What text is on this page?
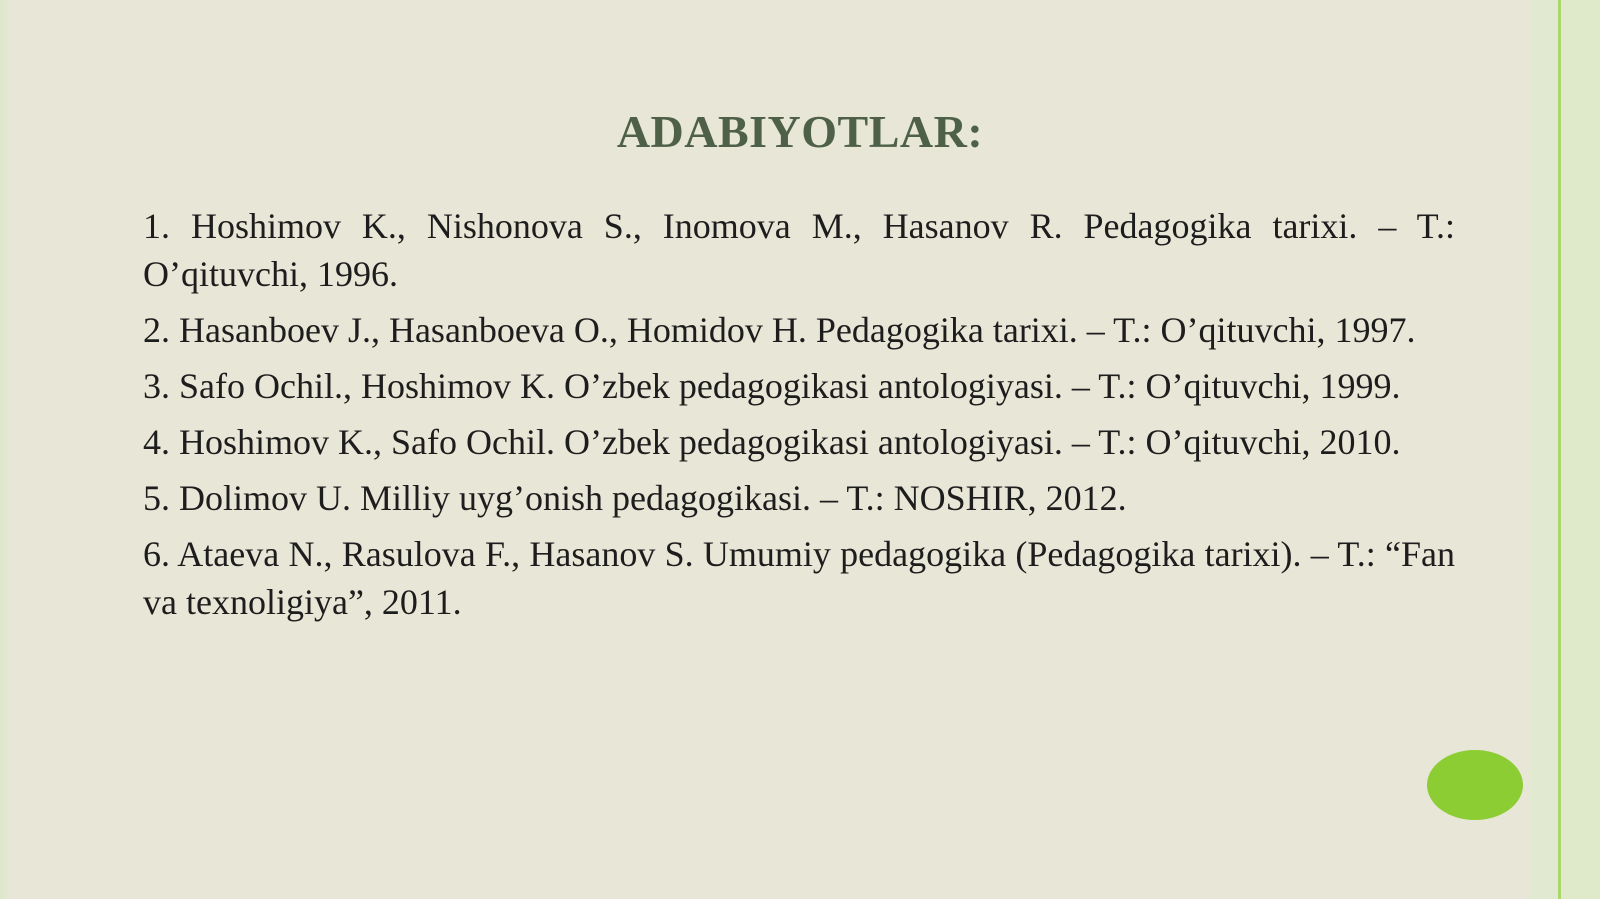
ADABIYOTLAR:

1. Hoshimov K., Nishonova S., Inomova M., Hasanov R. Pedagogika tarixi. – T.: O’qituvchi, 1996.

2. Hasanboev J., Hasanboeva O., Homidov H. Pedagogika tarixi. – T.: O’qituvchi, 1997.

3. Safo Ochil., Hoshimov K. O’zbek pedagogikasi antologiyasi. – T.: O’qituvchi, 1999.

4. Hoshimov K., Safo Ochil. O’zbek pedagogikasi antologiyasi. – T.: O’qituvchi, 2010.

5. Dolimov U. Milliy uyg’onish pedagogikasi. – T.: NOSHIR, 2012.

6. Ataeva N., Rasulova F., Hasanov S. Umumiy pedagogika (Pedagogika tarixi). – T.: “Fan va texnoligiya”, 2011.
